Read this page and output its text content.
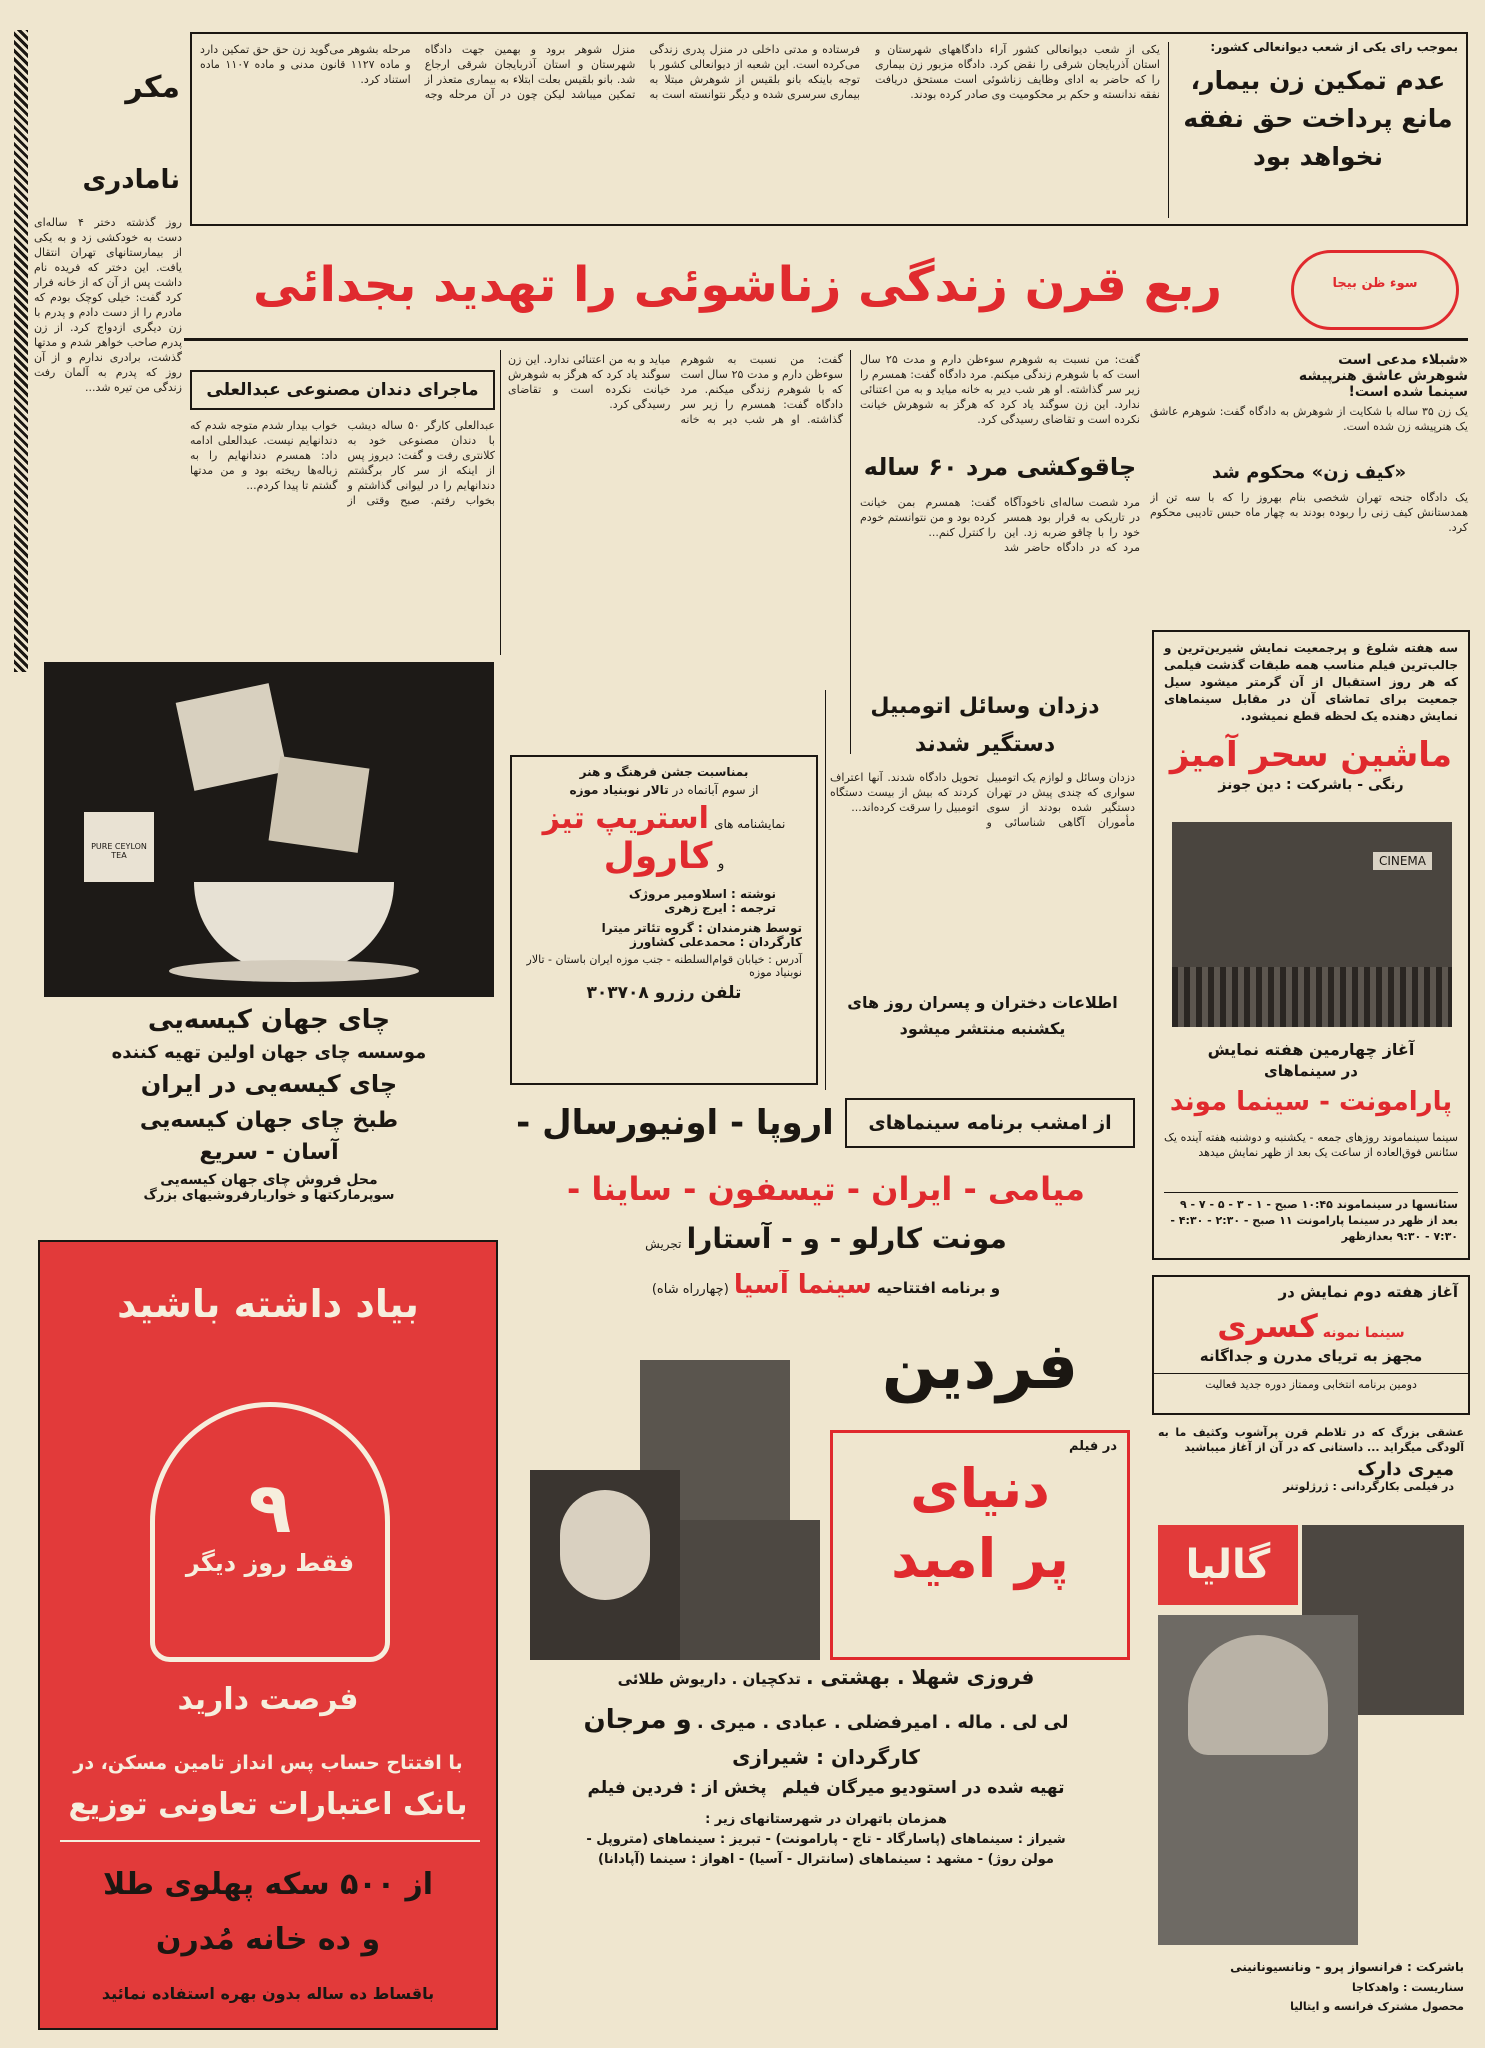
مکر
نامادری
روز گذشته دختر ۴ ساله‌ای دست به خودکشی زد و به یکی از بیمارستانهای تهران انتقال یافت. این دختر که فریده نام داشت پس از آن که از خانه فرار کرد گفت: خیلی کوچک بودم که مادرم را از دست دادم و پدرم با زن دیگری ازدواج کرد. از زن پدرم صاحب خواهر شدم و مدتها گذشت، برادری ندارم و از آن روز که پدرم به آلمان رفت زندگی من تیره شد...
بموجب رای یکی از شعب دیوانعالی کشور:
عدم تمکین زن بیمار، مانع پرداخت حق نفقه نخواهد بود
یکی از شعب دیوانعالی کشور آراء دادگاههای شهرستان و استان آذربایجان شرقی را نقض کرد. دادگاه مزبور زن بیماری را که حاضر به ادای وظایف زناشوئی است مستحق دریافت نفقه ندانسته و حکم بر محکومیت وی صادر کرده بودند.
فرستاده و مدتی داخلی در منزل پدری زندگی می‌کرده است. این شعبه از دیوانعالی کشور با توجه باینکه بانو بلقیس از شوهرش مبتلا به بیماری سرسری شده و دیگر نتوانسته است به منزل شوهر برود و بهمین جهت دادگاه شهرستان و استان آذربایجان شرقی ارجاع شد. بانو بلقیس بعلت ابتلاء به بیماری متعذر از تمکین میباشد لیکن چون در آن مرحله وجه مرحله بشوهر می‌گوید زن حق حق تمکین دارد و ماده ۱۱۲۷ قانون مدنی و ماده ۱۱۰۷ ماده استناد کرد.
سوء ظن بیجا
ربع قرن زندگی زناشوئی را تهدید بجدائی
ماجرای دندان مصنوعی عبدالعلی
عبدالعلی کارگر ۵۰ ساله دیشب با دندان مصنوعی خود به کلانتری رفت و گفت: دیروز پس از اینکه از سر کار برگشتم دندانهایم را در لیوانی گذاشتم و بخواب رفتم. صبح وقتی از خواب بیدار شدم متوجه شدم که دندانهایم نیست. عبدالعلی ادامه داد: همسرم دندانهایم را به زباله‌ها ریخته بود و من مدتها گشتم تا پیدا کردم...
گفت: من نسبت به شوهرم سوءظن دارم و مدت ۲۵ سال است که با شوهرم زندگی میکنم. مرد دادگاه گفت: همسرم را زیر سر گذاشته. او هر شب دیر به خانه میاید و به من اعتنائی ندارد. این زن سوگند یاد کرد که هرگز به شوهرش خیانت نکرده است و تقاضای رسیدگی کرد.
چاقوکشی مرد ۶۰ ساله
مرد شصت ساله‌ای ناخودآگاه در تاریکی به قرار بود همسر خود را با چاقو ضربه زد. این مرد که در دادگاه حاضر شد گفت: همسرم بمن خیانت کرده بود و من نتوانستم خودم را کنترل کنم...
گفت: من نسبت به شوهرم سوءظن دارم و مدت ۲۵ سال است که با شوهرم زندگی میکنم. مرد دادگاه گفت: همسرم را زیر سر گذاشته. او هر شب دیر به خانه میاید و به من اعتنائی ندارد. این زن سوگند یاد کرد که هرگز به شوهرش خیانت نکرده است و تقاضای رسیدگی کرد.
«شبلاء مدعی است
شوهرش عاشق هنرپیشه
سینما شده است!
یک زن ۳۵ ساله با شکایت از شوهرش به دادگاه گفت: شوهرم عاشق یک هنرپیشه زن شده است.
«کیف زن» محکوم شد
یک دادگاه جنحه تهران شخصی بنام بهروز را که با سه تن از همدستانش کیف زنی را ربوده بودند به چهار ماه حبس تادیبی محکوم کرد.
PURE CEYLON TEA
چای جهان کیسه‌یی
موسسه چای جهان اولین تهیه کننده
چای کیسه‌یی در ایران
طبخ چای جهان کیسه‌یی
آسان - سریع
محل فروش چای جهان کیسه‌یی
سوپرمارکتها و خواربارفروشیهای بزرگ
بمناسبت جشن فرهنگ و هنر
از سوم آبانماه در تالار نوبنیاد موزه
نمایشنامه های استریپ تیز
و کارول
نوشته : اسلاومیر مروژک
ترجمه : ایرج زهری
توسط هنرمندان : گروه تئاتر میترا
کارگردان : محمدعلی کشاورز
آدرس : خیابان قوام‌السلطنه - جنب موزه ایران باستان - تالار نوبنیاد موزه
تلفن رزرو ۳۰۳۷۰۸
دزدان وسائل اتومبیل
دستگیر شدند
دزدان وسائل و لوازم یک اتومبیل سواری که چندی پیش در تهران دستگیر شده بودند از سوی مأموران آگاهی شناسائی و تحویل دادگاه شدند. آنها اعتراف کردند که بیش از بیست دستگاه اتومبیل را سرقت کرده‌اند...
اطلاعات دختران و پسران روز های یکشنبه منتشر میشود
سه هفته شلوغ و پرجمعیت نمایش شیرین‌ترین و جالب‌ترین فیلم مناسب همه طبقات گذشت فیلمی که هر روز استقبال از آن گرمتر میشود سیل جمعیت برای تماشای آن در مقابل سینماهای نمایش دهنده یک لحظه قطع نمیشود.
ماشین سحر آمیز
رنگی - باشرکت : دین جونز
CINEMA
آغاز چهارمین هفته نمایش
در سینماهای
پارامونت - سینما موند
سینما سینماموند روزهای جمعه - یکشنبه و دوشنبه هفته آینده یک سئانس فوق‌العاده از ساعت یک بعد از ظهر نمایش میدهد
سئانسها در سینماموند ۱۰:۴۵ صبح - ۱ - ۳ - ۵ - ۷ - ۹ بعد از ظهر در سینما پارامونت ۱۱ صبح - ۲:۳۰ - ۴:۳۰ - ۷:۳۰ - ۹:۳۰ بعدازظهر
از امشب برنامه سینماهای
اروپا - اونیورسال -
میامی - ایران - تیسفون - ساینا -
مونت کارلو - و - آستارا تجریش
و برنامه افتتاحیه سینما آسیا (چهارراه شاه)	آغاز هفته دوم نمایش در
سینما نمونه کسری
مجهز به تریای مدرن و جداگانه
دومین برنامه انتخابی وممتاز دوره جدید فعالیت
عشقی بزرگ که در تلاطم قرن پرآشوب وکثیف ما به آلودگی میگراید ... داستانی که در آن از آغاز میباشید
میری دارک
در فیلمی بکارگردانی : ژرژلوتنر
گالیا
باشرکت : فرانسواز پرو - ونانسیونانینی
سناریست : واهدکاجا
محصول مشترک فرانسه و ایتالیا
بیاد داشته باشید
۹
فقط روز دیگر
فرصت دارید
با افتتاح حساب پس انداز تامین مسکن، در
بانک اعتبارات تعاونی توزیع
از ۵۰۰ سکه پهلوی طلا
و ده خانه مُدرن
باقساط ده ساله بدون بهره استفاده نمائید
فردین
در فیلم
دنیای
پر امید
فروزی شهلا . بهشتی . تدکچیان . داریوش طلائی
لی لی . ماله . امیرفضلی . عبادی . میری . و مرجان
کارگردان : شیرازی
تهیه شده در استودیو میرگان فیلم   پخش از : فردین فیلم
همزمان باتهران در شهرستانهای زیر :
شیراز : سینماهای (پاسارگاد - تاج - پارامونت) - تبریز : سینماهای (متروپل -
مولن روژ) - مشهد : سینماهای (سانترال - آسیا) - اهواز : سینما (آپادانا)
